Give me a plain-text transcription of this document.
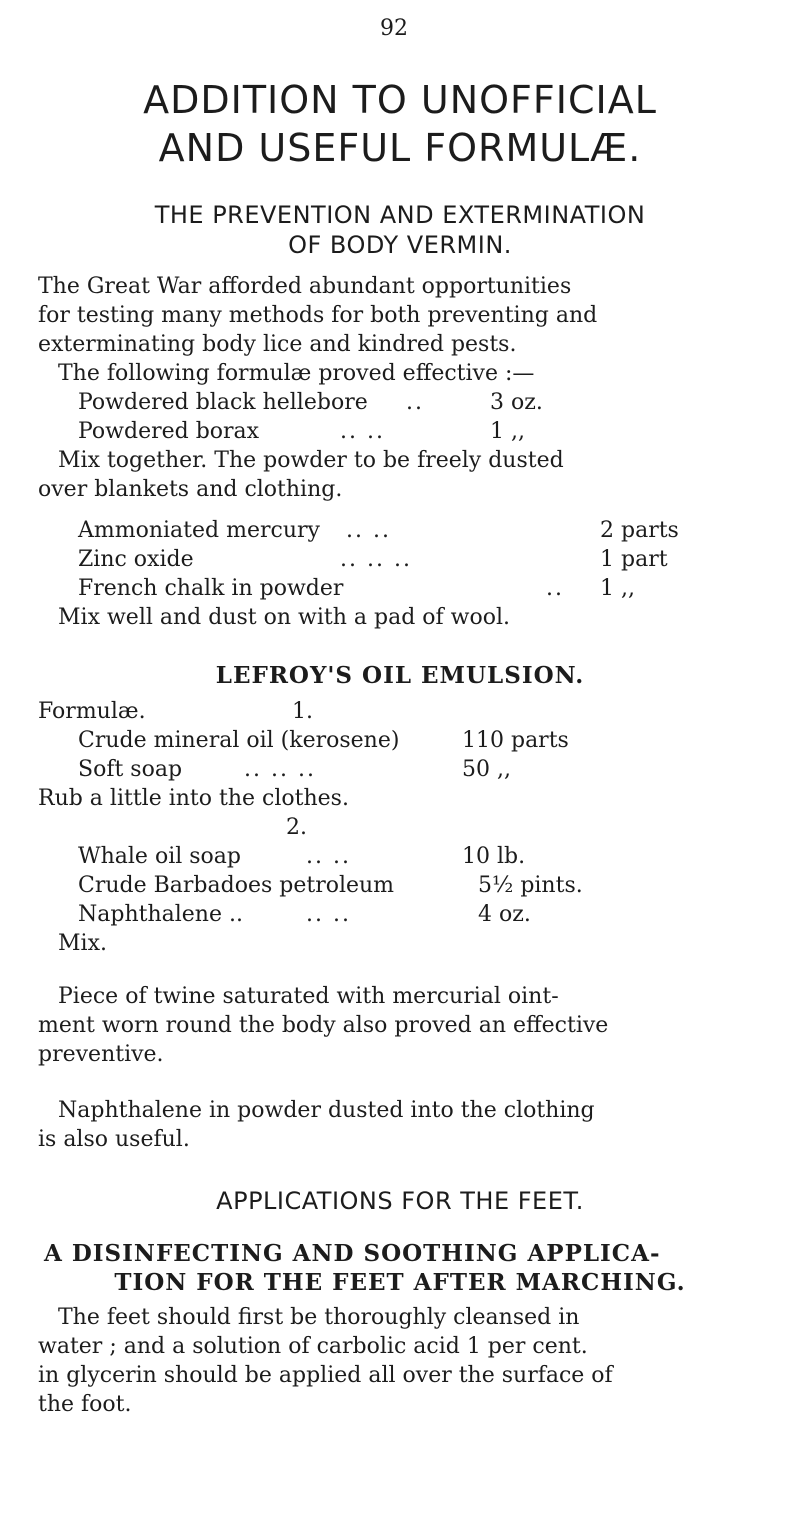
92
ADDITION TO UNOFFICIAL
AND USEFUL FORMULÆ.
THE PREVENTION AND EXTERMINATION
OF BODY VERMIN.
The Great War afforded abundant opportunities
for testing many methods for both preventing and
exterminating body lice and kindred pests.
The following formulæ proved effective :—
Powdered black hellebore ..	3 oz.
Powdered borax	.. ..	1 ,,
Mix together. The powder to be freely dusted
over blankets and clothing.
Ammoniated mercury .. ..	2 parts
Zinc oxide	.. .. ..	1 part
French chalk in powder	.. 1 ,,
Mix well and dust on with a pad of wool.
LEFROY'S OIL EMULSION.
Formulæ.	1.
Crude mineral oil (kerosene)	110 parts
Soft soap	.. .. ..	50 ,,
Rub a little into the clothes.
2.
Whale oil soap	.. ..	10 lb.
Crude Barbadoes petroleum	5½ pints.
Naphthalene ..	.. ..	4 oz.
Mix.
Piece of twine saturated with mercurial oint-
ment worn round the body also proved an effective
preventive.
Naphthalene in powder dusted into the clothing
is also useful.
APPLICATIONS FOR THE FEET.
A DISINFECTING AND SOOTHING APPLICA-
TION FOR THE FEET AFTER MARCHING.
The feet should first be thoroughly cleansed in
water ; and a solution of carbolic acid 1 per cent.
in glycerin should be applied all over the surface of
the foot.
